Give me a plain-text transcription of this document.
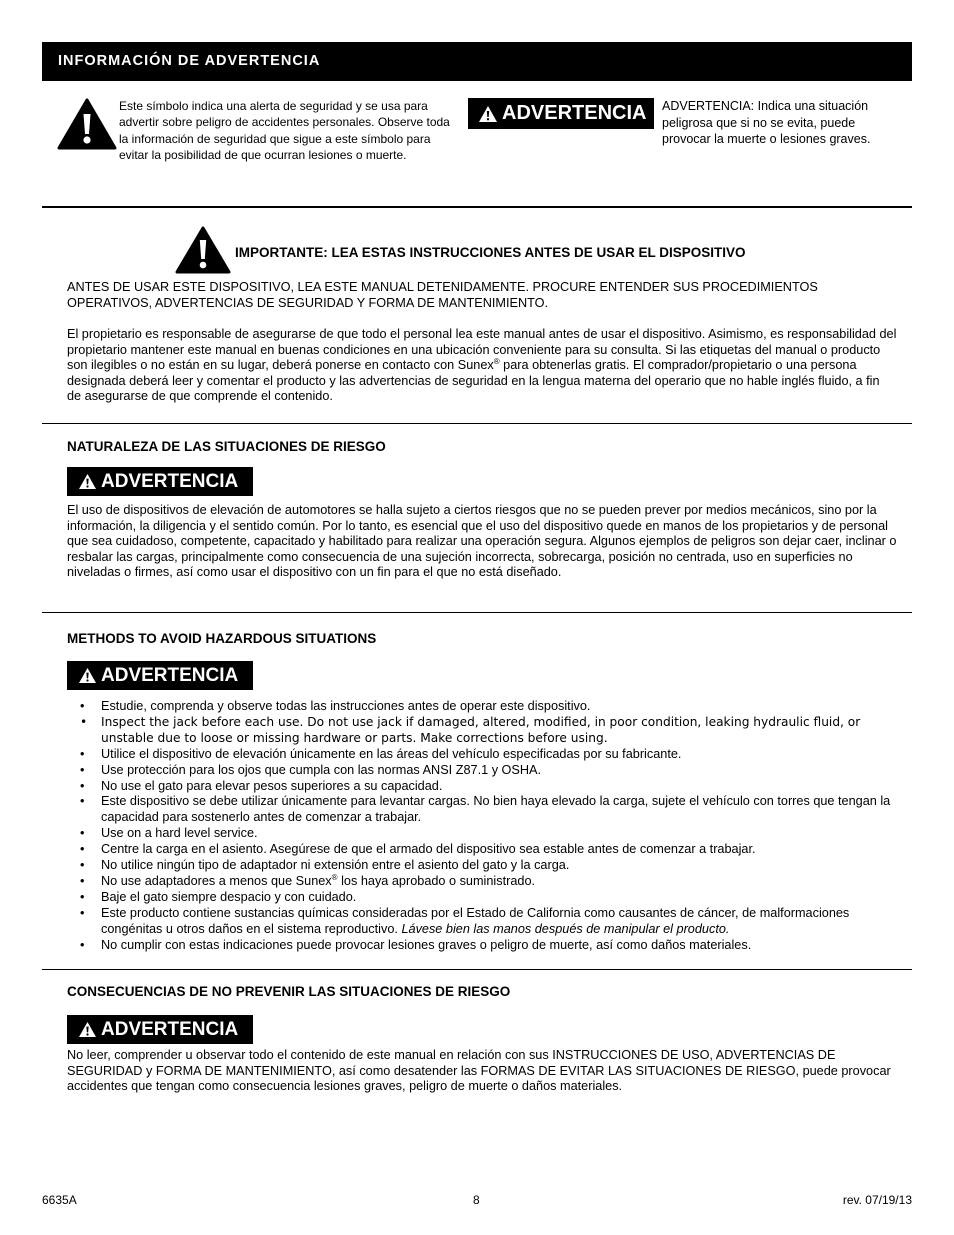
INFORMACIÓN DE ADVERTENCIA
Este símbolo indica una alerta de seguridad y se usa para advertir sobre peligro de accidentes personales. Observe toda la información de seguridad que sigue a este símbolo para evitar la posibilidad de que ocurran lesiones o muerte.
ADVERTENCIA ADVERTENCIA: Indica una situación peligrosa que si no se evita, puede provocar la muerte o lesiones graves.
IMPORTANTE: LEA ESTAS INSTRUCCIONES ANTES DE USAR EL DISPOSITIVO
ANTES DE USAR ESTE DISPOSITIVO, LEA ESTE MANUAL DETENIDAMENTE. PROCURE ENTENDER SUS PROCEDIMIENTOS OPERATIVOS, ADVERTENCIAS DE SEGURIDAD Y FORMA DE MANTENIMIENTO.
El propietario es responsable de asegurarse de que todo el personal lea este manual antes de usar el dispositivo. Asimismo, es responsabilidad del propietario mantener este manual en buenas condiciones en una ubicación conveniente para su consulta. Si las etiquetas del manual o producto son ilegibles o no están en su lugar, deberá ponerse en contacto con Sunex® para obtenerlas gratis. El comprador/propietario o una persona designada deberá leer y comentar el producto y las advertencias de seguridad en la lengua materna del operario que no hable inglés fluido, a fin de asegurarse de que comprende el contenido.
NATURALEZA DE LAS SITUACIONES DE RIESGO
ADVERTENCIA
El uso de dispositivos de elevación de automotores se halla sujeto a ciertos riesgos que no se pueden prever por medios mecánicos, sino por la información, la diligencia y el sentido común. Por lo tanto, es esencial que el uso del dispositivo quede en manos de los propietarios y de personal que sea cuidadoso, competente, capacitado y habilitado para realizar una operación segura. Algunos ejemplos de peligros son dejar caer, inclinar o resbalar las cargas, principalmente como consecuencia de una sujeción incorrecta, sobrecarga, posición no centrada, uso en superficies no niveladas o firmes, así como usar el dispositivo con un fin para el que no está diseñado.
METHODS TO AVOID HAZARDOUS SITUATIONS
ADVERTENCIA
• Estudie, comprenda y observe todas las instrucciones antes de operar este dispositivo.
• Inspect the jack before each use. Do not use jack if damaged, altered, modified, in poor condition, leaking hydraulic fluid, or unstable due to loose or missing hardware or parts. Make corrections before using.
• Utilice el dispositivo de elevación únicamente en las áreas del vehículo especificadas por su fabricante.
• Use protección para los ojos que cumpla con las normas ANSI Z87.1 y OSHA.
• No use el gato para elevar pesos superiores a su capacidad.
• Este dispositivo se debe utilizar únicamente para levantar cargas. No bien haya elevado la carga, sujete el vehículo con torres que tengan la capacidad para sostenerlo antes de comenzar a trabajar.
• Use on a hard level service.
• Centre la carga en el asiento. Asegúrese de que el armado del dispositivo sea estable antes de comenzar a trabajar.
• No utilice ningún tipo de adaptador ni extensión entre el asiento del gato y la carga.
• No use adaptadores a menos que Sunex® los haya aprobado o suministrado.
• Baje el gato siempre despacio y con cuidado.
• Este producto contiene sustancias químicas consideradas por el Estado de California como causantes de cáncer, de malformaciones congénitas u otros daños en el sistema reproductivo. Lávese bien las manos después de manipular el producto.
• No cumplir con estas indicaciones puede provocar lesiones graves o peligro de muerte, así como daños materiales.
CONSECUENCIAS DE NO PREVENIR LAS SITUACIONES DE RIESGO
ADVERTENCIA
No leer, comprender u observar todo el contenido de este manual en relación con sus INSTRUCCIONES DE USO, ADVERTENCIAS DE SEGURIDAD y FORMA DE MANTENIMIENTO, así como desatender las FORMAS DE EVITAR LAS SITUACIONES DE RIESGO, puede provocar accidentes que tengan como consecuencia lesiones graves, peligro de muerte o daños materiales.
6635A	8	rev. 07/19/13
